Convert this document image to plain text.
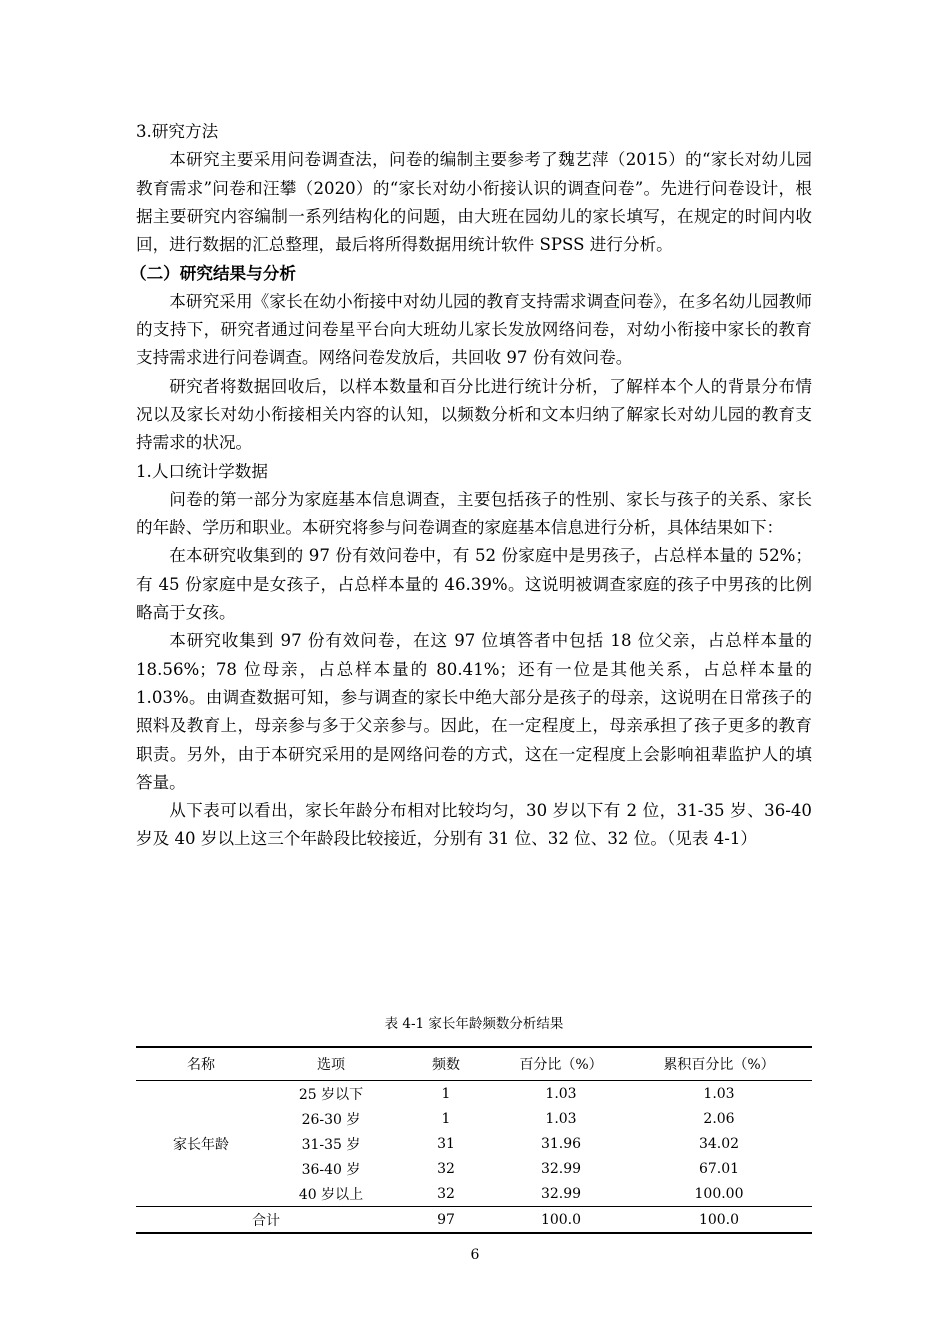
3.研究方法

本研究主要采用问卷调查法，问卷的编制主要参考了魏艺萍（2015）的“家长对幼儿园教育需求”问卷和汪攀（2020）的“家长对幼小衔接认识的调查问卷”。先进行问卷设计，根据主要研究内容编制一系列结构化的问题，由大班在园幼儿的家长填写，在规定的时间内收回，进行数据的汇总整理，最后将所得数据用统计软件 SPSS 进行分析。

（二）研究结果与分析

本研究采用《家长在幼小衔接中对幼儿园的教育支持需求调查问卷》，在多名幼儿园教师的支持下，研究者通过问卷星平台向大班幼儿家长发放网络问卷，对幼小衔接中家长的教育支持需求进行问卷调查。网络问卷发放后，共回收 97 份有效问卷。

研究者将数据回收后，以样本数量和百分比进行统计分析，了解样本个人的背景分布情况以及家长对幼小衔接相关内容的认知，以频数分析和文本归纳了解家长对幼儿园的教育支持需求的状况。

1.人口统计学数据

问卷的第一部分为家庭基本信息调查，主要包括孩子的性别、家长与孩子的关系、家长的年龄、学历和职业。本研究将参与问卷调查的家庭基本信息进行分析，具体结果如下：

在本研究收集到的 97 份有效问卷中，有 52 份家庭中是男孩子，占总样本量的 52%；有 45 份家庭中是女孩子，占总样本量的 46.39%。这说明被调查家庭的孩子中男孩的比例略高于女孩。

本研究收集到 97 份有效问卷，在这 97 位填答者中包括 18 位父亲，占总样本量的 18.56%；78 位母亲，占总样本量的 80.41%；还有一位是其他关系，占总样本量的 1.03%。由调查数据可知，参与调查的家长中绝大部分是孩子的母亲，这说明在日常孩子的照料及教育上，母亲参与多于父亲参与。因此，在一定程度上，母亲承担了孩子更多的教育职责。另外，由于本研究采用的是网络问卷的方式，这在一定程度上会影响祖辈监护人的填答量。

从下表可以看出，家长年龄分布相对比较均匀，30 岁以下有 2 位，31-35 岁、36-40 岁及 40 岁以上这三个年龄段比较接近，分别有 31 位、32 位、32 位。（见表 4-1）

表 4-1 家长年龄频数分析结果
名称	选项	频数	百分比（%）	累积百分比（%）
家长年龄	25 岁以下	1	1.03	1.03
	26-30 岁	1	1.03	2.06
	31-35 岁	31	31.96	34.02
	36-40 岁	32	32.99	67.01
	40 岁以上	32	32.99	100.00
合计		97	100.0	100.0
6
